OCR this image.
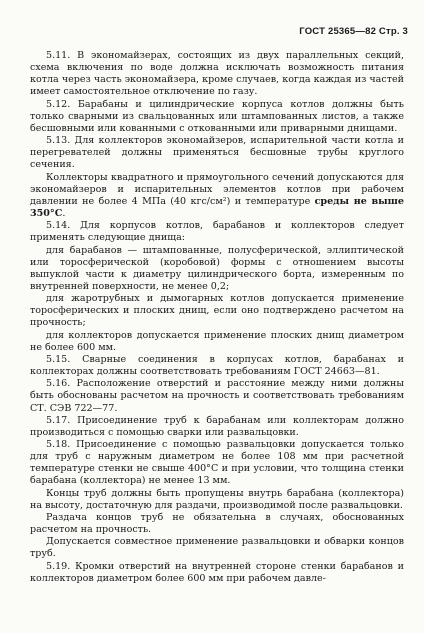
ГОСТ 25365—82 Стр. 3

5.11. В экономайзерах, состоящих из двух параллельных секций, схема включения по воде должна исключать возможность питания котла через часть экономайзера, кроме случаев, когда каждая из частей имеет самостоятельное отключение по газу.

5.12. Барабаны и цилиндрические корпуса котлов должны быть только сварными из свальцованных или штампованных листов, а также бесшовными или кованными с откованными или приварными днищами.

5.13. Для коллекторов экономайзеров, испарительной части котла и перегревателей должны применяться бесшовные трубы круглого сечения.

Коллекторы квадратного и прямоугольного сечений допускаются для экономайзеров и испарительных элементов котлов при рабочем давлении не более 4 МПа (40 кгс/см²) и температуре среды не выше 350°С.

5.14. Для корпусов котлов, барабанов и коллекторов следует применять следующие днища:

для барабанов — штампованные, полусферической, эллиптической или торосферической (коробовой) формы с отношением высоты выпуклой части к диаметру цилиндрического борта, измеренным по внутренней поверхности, не менее 0,2;

для жаротрубных и дымогарных котлов допускается применение торосферических и плоских днищ, если оно подтверждено расчетом на прочность;

для коллекторов допускается применение плоских днищ диаметром не более 600 мм.

5.15. Сварные соединения в корпусах котлов, барабанах и коллекторах должны соответствовать требованиям ГОСТ 24663—81.

5.16. Расположение отверстий и расстояние между ними должны быть обоснованы расчетом на прочность и соответствовать требованиям СТ. СЭВ 722—77.

5.17. Присоединение труб к барабанам или коллекторам должно производиться с помощью сварки или развальцовки.

5.18. Присоединение с помощью развальцовки допускается только для труб с наружным диаметром не более 108 мм при расчетной температуре стенки не свыше 400°С и при условии, что толщина стенки барабана (коллектора) не менее 13 мм.

Концы труб должны быть пропущены внутрь барабана (коллектора) на высоту, достаточную для раздачи, производимой после развальцовки.

Раздача концов труб не обязательна в случаях, обоснованных расчетом на прочность.

Допускается совместное применение развальцовки и обварки концов труб.

5.19. Кромки отверстий на внутренней стороне стенки барабанов и коллекторов диаметром более 600 мм при рабочем давле-
